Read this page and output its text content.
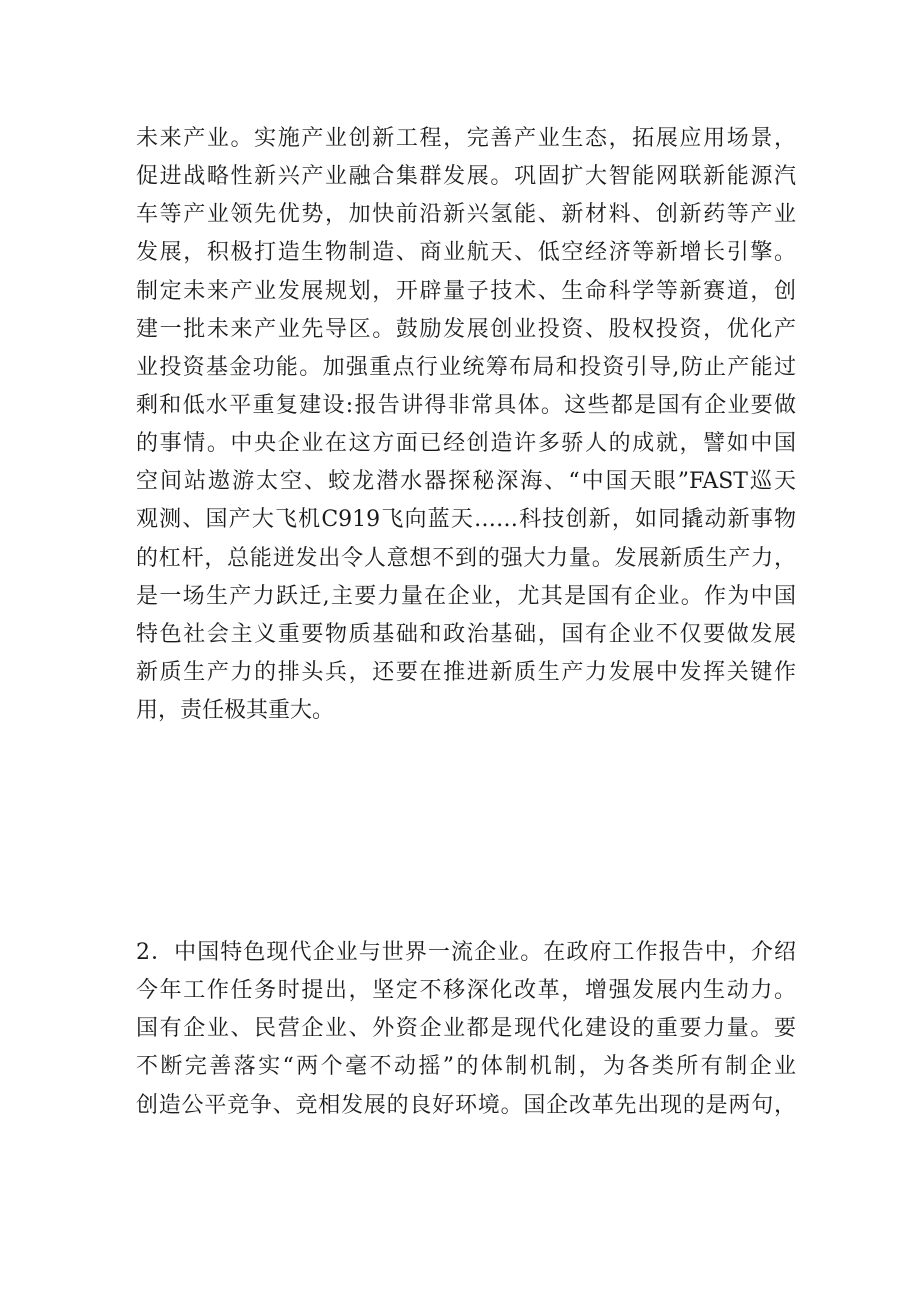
未来产业。实施产业创新工程，完善产业生态，拓展应用场景，
促进战略性新兴产业融合集群发展。巩固扩大智能网联新能源汽
车等产业领先优势，加快前沿新兴氢能、新材料、创新药等产业
发展，积极打造生物制造、商业航天、低空经济等新增长引擎。
制定未来产业发展规划，开辟量子技术、生命科学等新赛道，创
建一批未来产业先导区。鼓励发展创业投资、股权投资，优化产
业投资基金功能。加强重点行业统筹布局和投资引导,防止产能过
剩和低水平重复建设:报告讲得非常具体。这些都是国有企业要做
的事情。中央企业在这方面已经创造许多骄人的成就，譬如中国
空间站遨游太空、蛟龙潜水器探秘深海、“中国天眼”FAST巡天
观测、国产大飞机C919飞向蓝天……科技创新，如同撬动新事物
的杠杆，总能迸发出令人意想不到的强大力量。发展新质生产力，
是一场生产力跃迁,主要力量在企业，尤其是国有企业。作为中国
特色社会主义重要物质基础和政治基础，国有企业不仅要做发展
新质生产力的排头兵，还要在推进新质生产力发展中发挥关键作
用，责任极其重大。
2．中国特色现代企业与世界一流企业。在政府工作报告中，介绍
今年工作任务时提出，坚定不移深化改革，增强发展内生动力。
国有企业、民营企业、外资企业都是现代化建设的重要力量。要
不断完善落实“两个毫不动摇”的体制机制，为各类所有制企业
创造公平竞争、竞相发展的良好环境。国企改革先出现的是两句，
